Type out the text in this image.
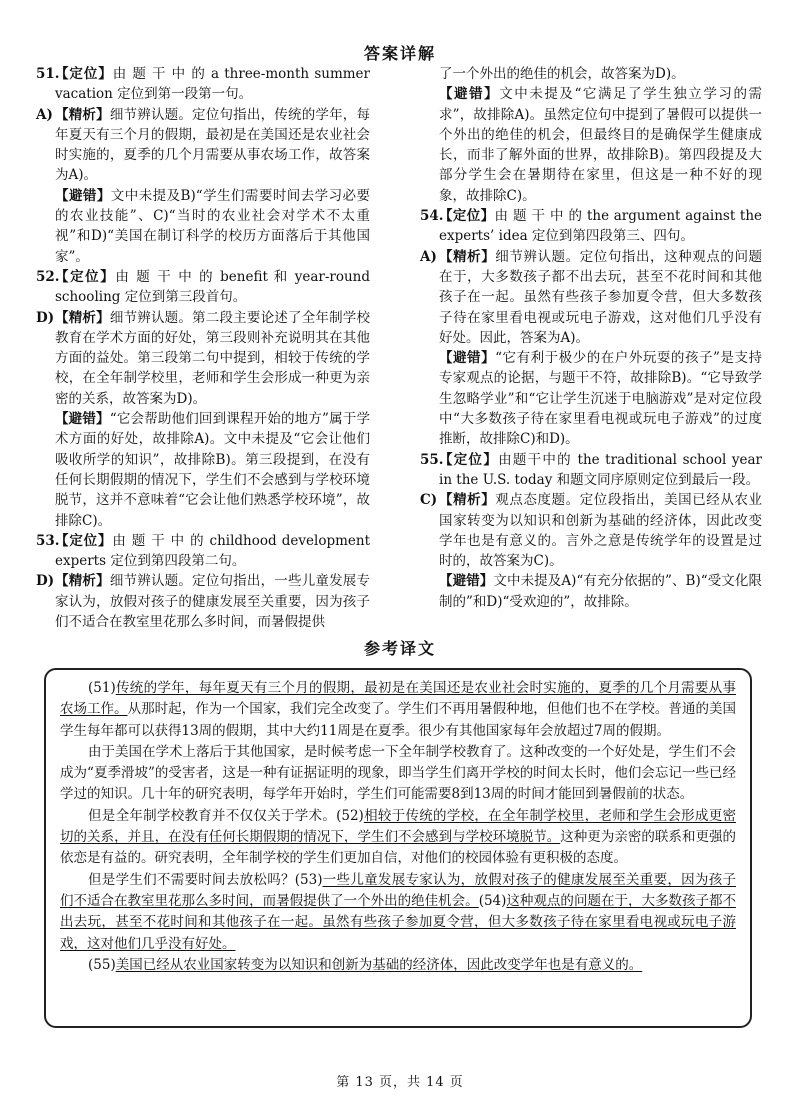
答案详解
51.
【定位】由 题 干 中 的 a three-month summer vacation 定位到第一段第一句。
A) 【精析】细节辨认题。定位句指出，传统的学年，每年夏天有三个月的假期，最初是在美国还是农业社会时实施的，夏季的几个月需要从事农场工作，故答案为A)。
【避错】文中未提及B)“学生们需要时间去学习必要的农业技能”、C)“当时的农业社会对学术不太重视”和D)“美国在制订科学的校历方面落后于其他国家”。
52.
【定位】由 题 干 中 的 benefit 和 year-round schooling 定位到第三段首句。
D) 【精析】细节辨认题。第二段主要论述了全年制学校教育在学术方面的好处，第三段则补充说明其在其他方面的益处。第三段第二句中提到，相较于传统的学校，在全年制学校里，老师和学生会形成一种更为亲密的关系，故答案为D)。
【避错】“它会帮助他们回到课程开始的地方”属于学术方面的好处，故排除A)。文中未提及“它会让他们吸收所学的知识”，故排除B)。第三段提到，在没有任何长期假期的情况下，学生们不会感到与学校环境脱节，这并不意味着“它会让他们熟悉学校环境”，故排除C)。
53.
【定位】由 题 干 中 的 childhood development experts 定位到第四段第二句。
D) 【精析】细节辨认题。定位句指出，一些儿童发展专家认为，放假对孩子的健康发展至关重要，因为孩子们不适合在教室里花那么多时间，而暑假提供
了一个外出的绝佳的机会，故答案为D)。
【避错】文中未提及“它满足了学生独立学习的需求”，故排除A)。虽然定位句中提到了暑假可以提供一个外出的绝佳的机会，但最终目的是确保学生健康成长，而非了解外面的世界，故排除B)。第四段提及大部分学生会在暑期待在家里，但这是一种不好的现象，故排除C)。
54.
【定位】由 题 干 中 的 the argument against the experts’ idea 定位到第四段第三、四句。
A) 【精析】细节辨认题。定位句指出，这种观点的问题在于，大多数孩子都不出去玩，甚至不花时间和其他孩子在一起。虽然有些孩子参加夏令营，但大多数孩子待在家里看电视或玩电子游戏，这对他们几乎没有好处。因此，答案为A)。
【避错】“它有利于极少的在户外玩耍的孩子”是支持专家观点的论据，与题干不符，故排除B)。“它导致学生忽略学业”和“它让学生沉迷于电脑游戏”是对定位段中“大多数孩子待在家里看电视或玩电子游戏”的过度推断，故排除C)和D)。
55.
【定位】由题干中的 the traditional school year in the U.S. today 和题文同序原则定位到最后一段。
C) 【精析】观点态度题。定位段指出，美国已经从农业国家转变为以知识和创新为基础的经济体，因此改变学年也是有意义的。言外之意是传统学年的设置是过时的，故答案为C)。
【避错】文中未提及A)“有充分依据的”、B)“受文化限制的”和D)“受欢迎的”，故排除。
参考译文

(51)传统的学年，每年夏天有三个月的假期，最初是在美国还是农业社会时实施的，夏季的几个月需要从事农场工作。从那时起，作为一个国家，我们完全改变了。学生们不再用暑假种地，但他们也不在学校。普通的美国学生每年都可以获得13周的假期，其中大约11周是在夏季。很少有其他国家每年会放超过7周的假期。

由于美国在学术上落后于其他国家，是时候考虑一下全年制学校教育了。这种改变的一个好处是，学生们不会成为“夏季滑坡”的受害者，这是一种有证据证明的现象，即当学生们离开学校的时间太长时，他们会忘记一些已经学过的知识。几十年的研究表明，每学年开始时，学生们可能需要8到13周的时间才能回到暑假前的状态。

但是全年制学校教育并不仅仅关于学术。(52)相较于传统的学校，在全年制学校里，老师和学生会形成更密切的关系，并且，在没有任何长期假期的情况下，学生们不会感到与学校环境脱节。这种更为亲密的联系和更强的依恋是有益的。研究表明，全年制学校的学生们更加自信，对他们的校园体验有更积极的态度。

但是学生们不需要时间去放松吗？(53)一些儿童发展专家认为，放假对孩子的健康发展至关重要，因为孩子们不适合在教室里花那么多时间，而暑假提供了一个外出的绝佳机会。(54)这种观点的问题在于，大多数孩子都不出去玩，甚至不花时间和其他孩子在一起。虽然有些孩子参加夏令营，但大多数孩子待在家里看电视或玩电子游戏，这对他们几乎没有好处。

(55)美国已经从农业国家转变为以知识和创新为基础的经济体，因此改变学年也是有意义的。

第 13 页，共 14 页
